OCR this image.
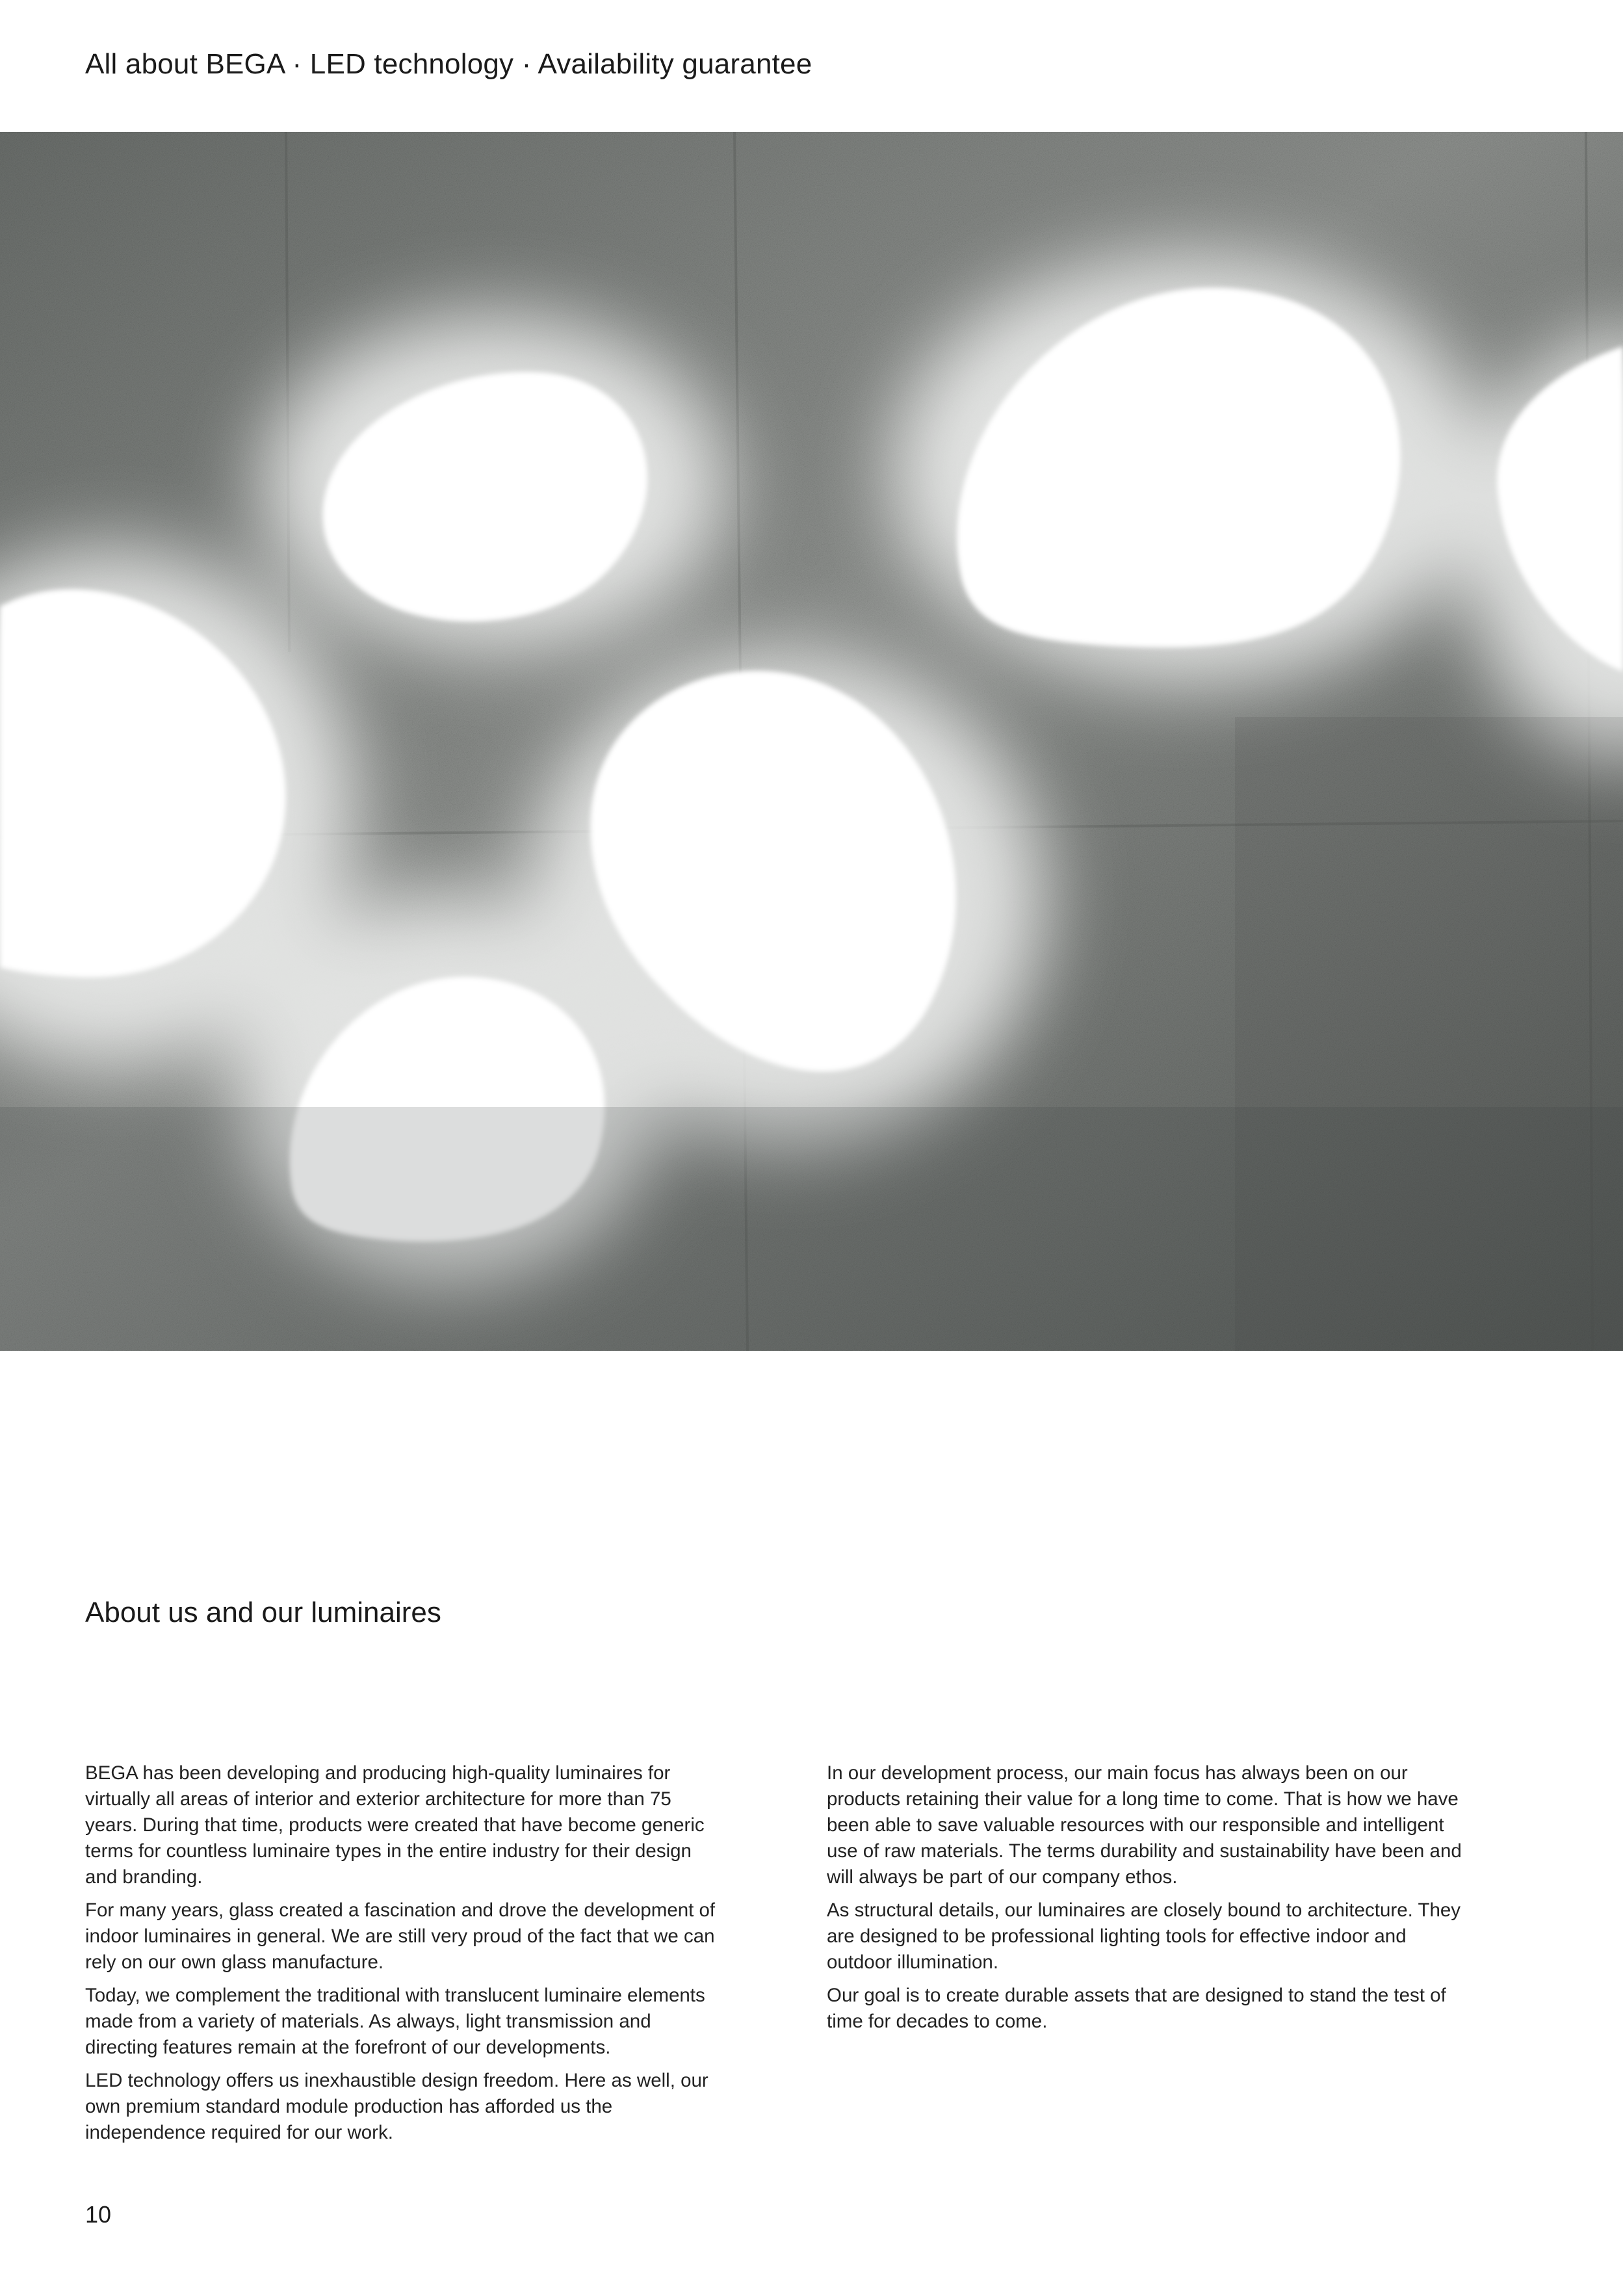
All about BEGA · LED technology · Availability guarantee
About us and our luminaires

BEGA has been developing and producing high-quality luminaires for virtually all areas of interior and exterior architecture for more than 75 years. During that time, products were created that have become generic terms for countless luminaire types in the entire industry for their design and branding.

For many years, glass created a fascination and drove the development of indoor luminaires in general. We are still very proud of the fact that we can rely on our own glass manufacture.

Today, we complement the traditional with translucent luminaire elements made from a variety of materials. As always, light transmission and directing features remain at the forefront of our developments.

LED technology offers us inexhaustible design freedom. Here as well, our own premium standard module production has afforded us the independence required for our work.

In our development process, our main focus has always been on our products retaining their value for a long time to come. That is how we have been able to save valuable resources with our responsible and intelligent use of raw materials. The terms durability and sustainability have been and will always be part of our company ethos.

As structural details, our luminaires are closely bound to architecture. They are designed to be professional lighting tools for effective indoor and outdoor illumination.

Our goal is to create durable assets that are designed to stand the test of time for decades to come.

10
